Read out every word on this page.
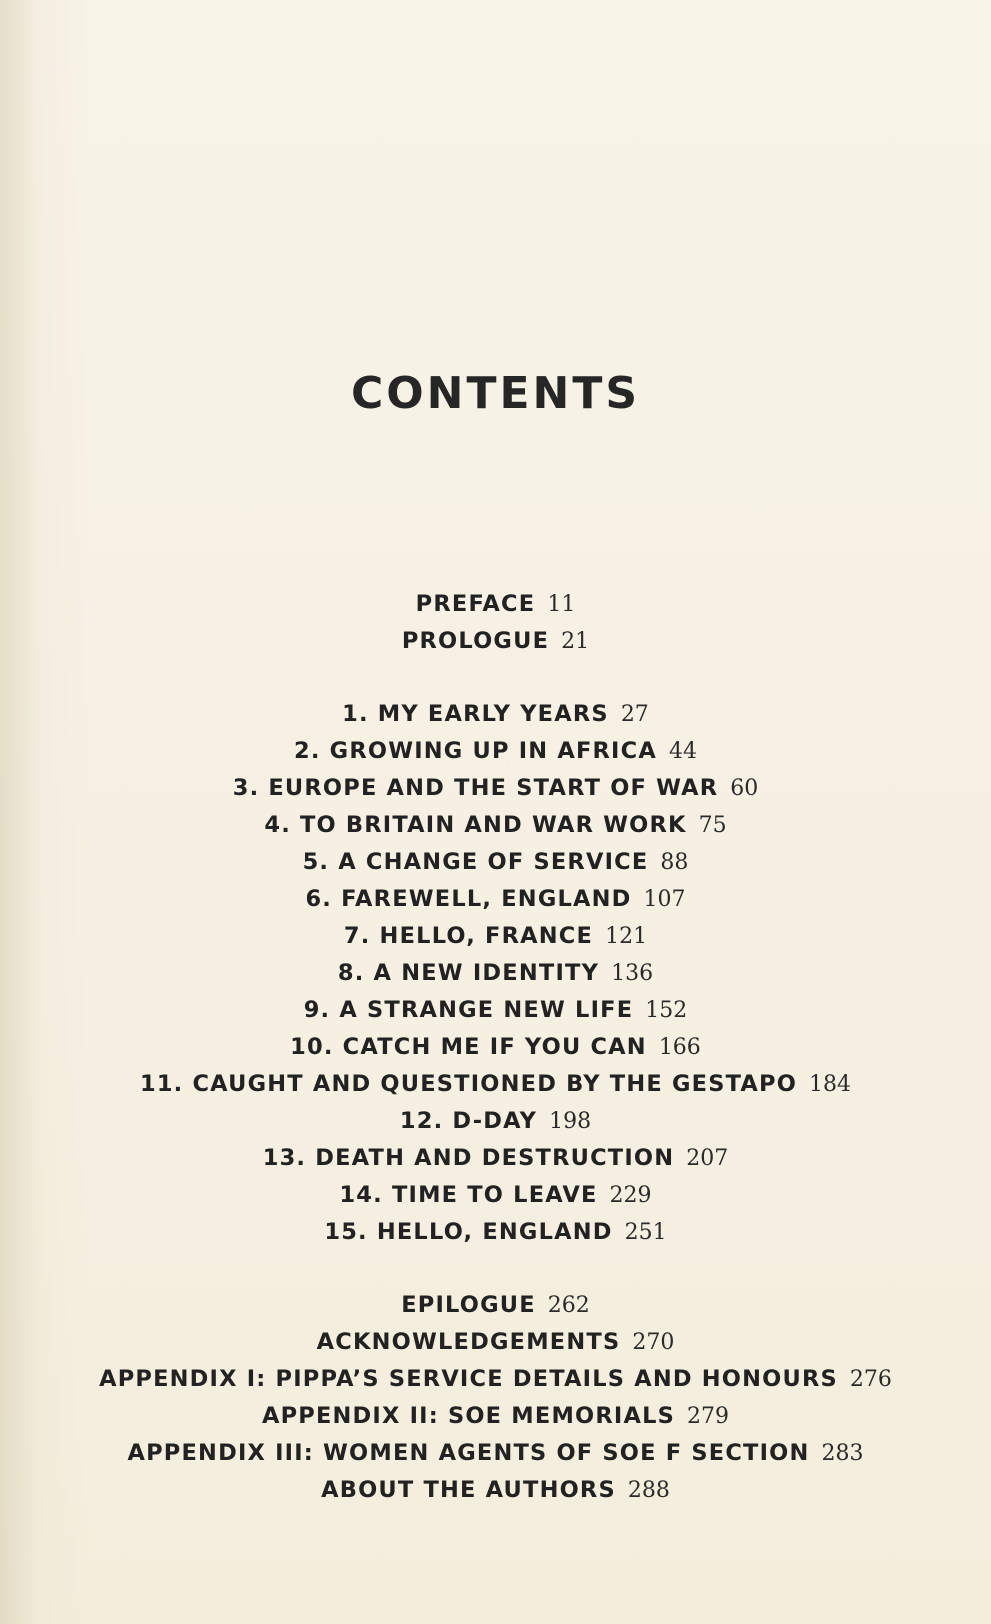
CONTENTS
PREFACE 11
PROLOGUE 21
1. MY EARLY YEARS 27
2. GROWING UP IN AFRICA 44
3. EUROPE AND THE START OF WAR 60
4. TO BRITAIN AND WAR WORK 75
5. A CHANGE OF SERVICE 88
6. FAREWELL, ENGLAND 107
7. HELLO, FRANCE 121
8. A NEW IDENTITY 136
9. A STRANGE NEW LIFE 152
10. CATCH ME IF YOU CAN 166
11. CAUGHT AND QUESTIONED BY THE GESTAPO 184
12. D-DAY 198
13. DEATH AND DESTRUCTION 207
14. TIME TO LEAVE 229
15. HELLO, ENGLAND 251
EPILOGUE 262
ACKNOWLEDGEMENTS 270
APPENDIX I: PIPPA’S SERVICE DETAILS AND HONOURS 276
APPENDIX II: SOE MEMORIALS 279
APPENDIX III: WOMEN AGENTS OF SOE F SECTION 283
ABOUT THE AUTHORS 288
